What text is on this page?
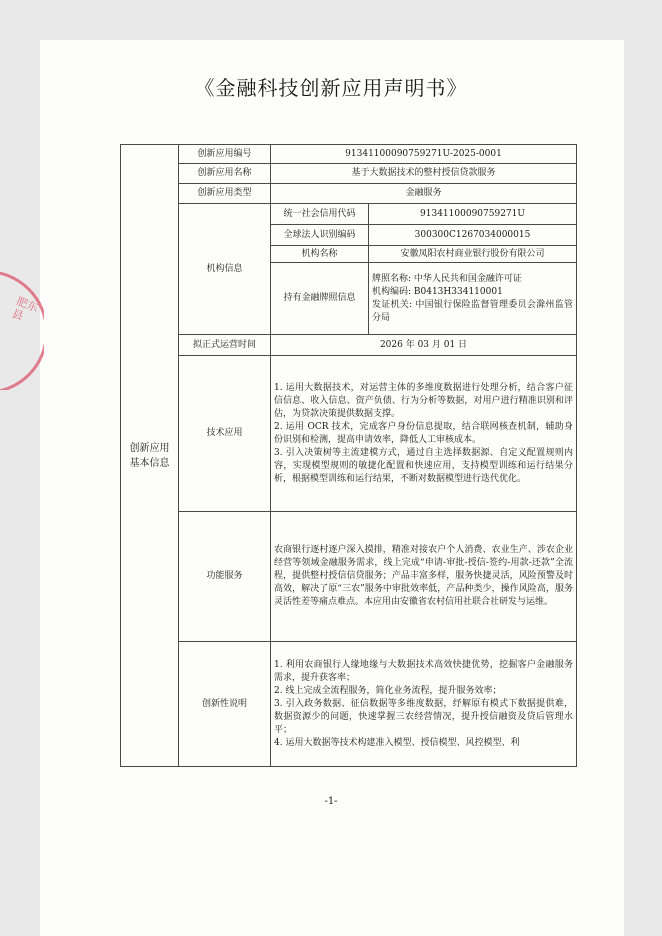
《金融科技创新应用声明书》
肥东县
创新应用
基本信息	创新应用编号	91341100090759271U-2025-0001	
	创新应用名称	基于大数据技术的整村授信贷款服务	
	创新应用类型	金融服务	
	机构信息	统一社会信用代码	91341100090759271U
		全球法人识别编码	300300C1267034000015
		机构名称	安徽凤阳农村商业银行股份有限公司
		持有金融牌照信息	牌照名称: 中华人民共和国金融许可证
机构编码: B0413H334110001
发证机关: 中国银行保险监督管理委员会滁州监管分局

	拟正式运营时间	2026 年 03 月 01 日	
	技术应用	1. 运用大数据技术，对运营主体的多维度数据进行处理分析，结合客户征信信息、收入信息、资产负债、行为分析等数据，对用户进行精准识别和评估，为贷款决策提供数据支撑。
2. 运用 OCR 技术，完成客户身份信息提取，结合联网核查机制，辅助身份识别和检测，提高申请效率，降低人工审核成本。
3. 引入决策树等主流建模方式，通过自主选择数据源、自定义配置规则内容，实现模型规则的敏捷化配置和快速应用，支持模型训练和运行结果分析，根据模型训练和运行结果，不断对数据模型进行迭代优化。	

	功能服务	农商银行逐村逐户深入摸排，精准对接农户个人消费、农业生产、涉农企业经营等领域金融服务需求，线上完成“申请-审批-授信-签约-用款-还款”全流程，提供整村授信信贷服务；产品丰富多样，服务快捷灵活，风险预警及时高效，解决了原“三农”服务中审批效率低，产品种类少，操作风险高，服务灵活性差等痛点难点。本应用由安徽省农村信用社联合社研发与运维。	
	创新性说明	1. 利用农商银行人缘地缘与大数据技术高效快捷优势，挖掘客户金融服务需求，提升获客率；
2. 线上完成全流程服务，简化业务流程，提升服务效率；
3. 引入政务数据、征信数据等多维度数据，纾解原有模式下数据提供难，数据资源少的问题，快速掌握三农经营情况，提升授信融资及贷后管理水平；
4. 运用大数据等技术构建准入模型、授信模型、风控模型、利	
-1-
